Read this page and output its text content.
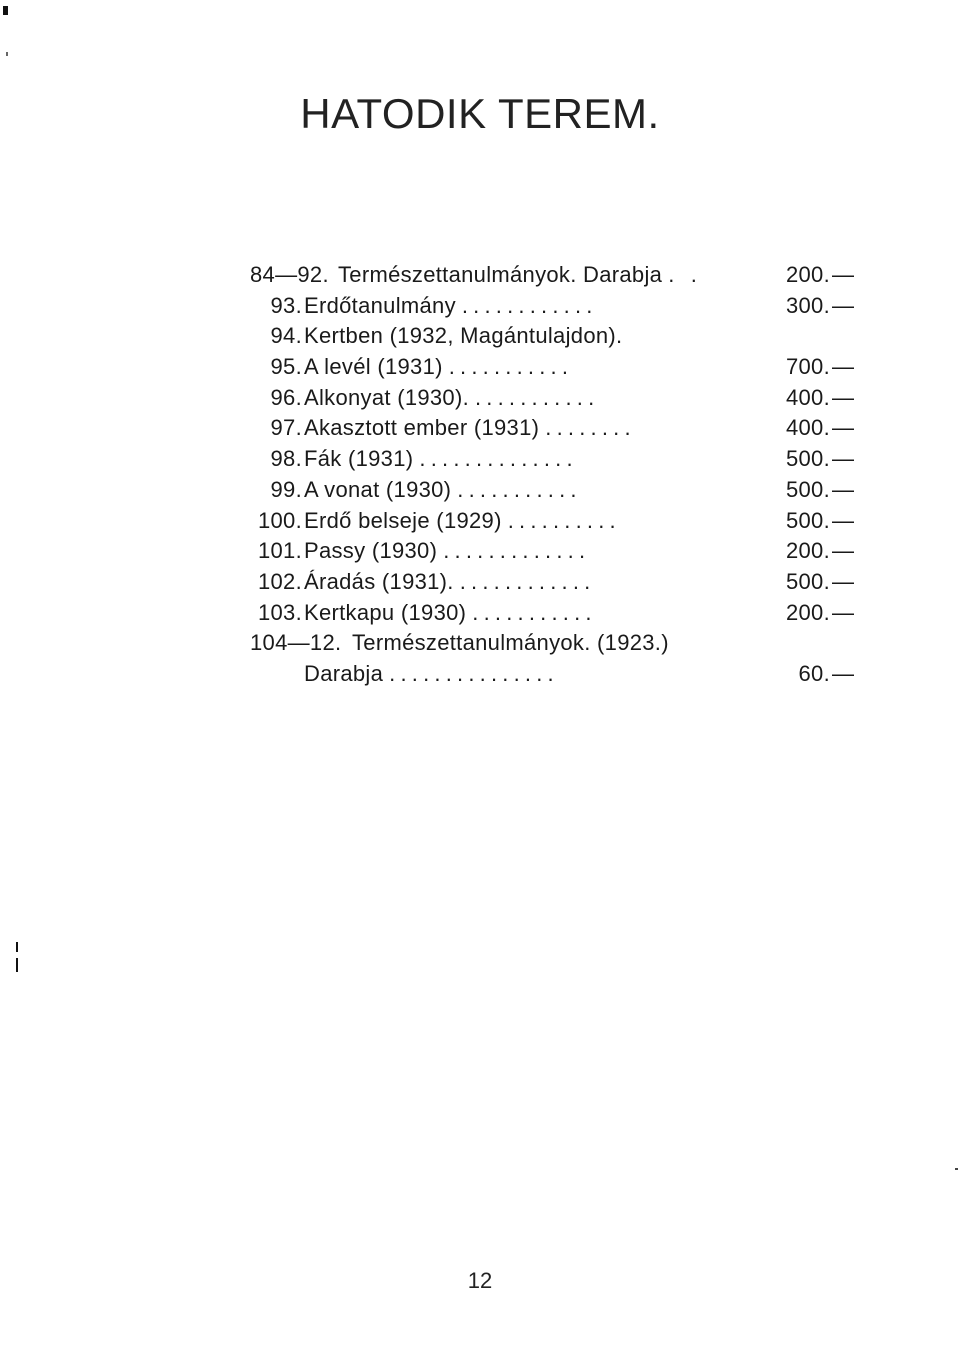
HATODIK TEREM.
84—92. Természettanulmányok. Darabja . .	200. —
93. Erdőtanulmány ............	300. —
94. Kertben (1932, Magántulajdon).
95. A levél (1931) ...........	700. —
96. Alkonyat (1930). ...........	400. —
97. Akasztott ember (1931) ........	400. —
98. Fák (1931) ..............	500. —
99. A vonat (1930) ...........	500. —
100. Erdő belseje (1929) ..........	500. —
101. Passy (1930) .............	200. —
102. Áradás (1931). ............	500. —
103. Kertkapu (1930) ...........	200. —
104—12. Természettanulmányok. (1923.)
Darabja ...............	60. —
12
